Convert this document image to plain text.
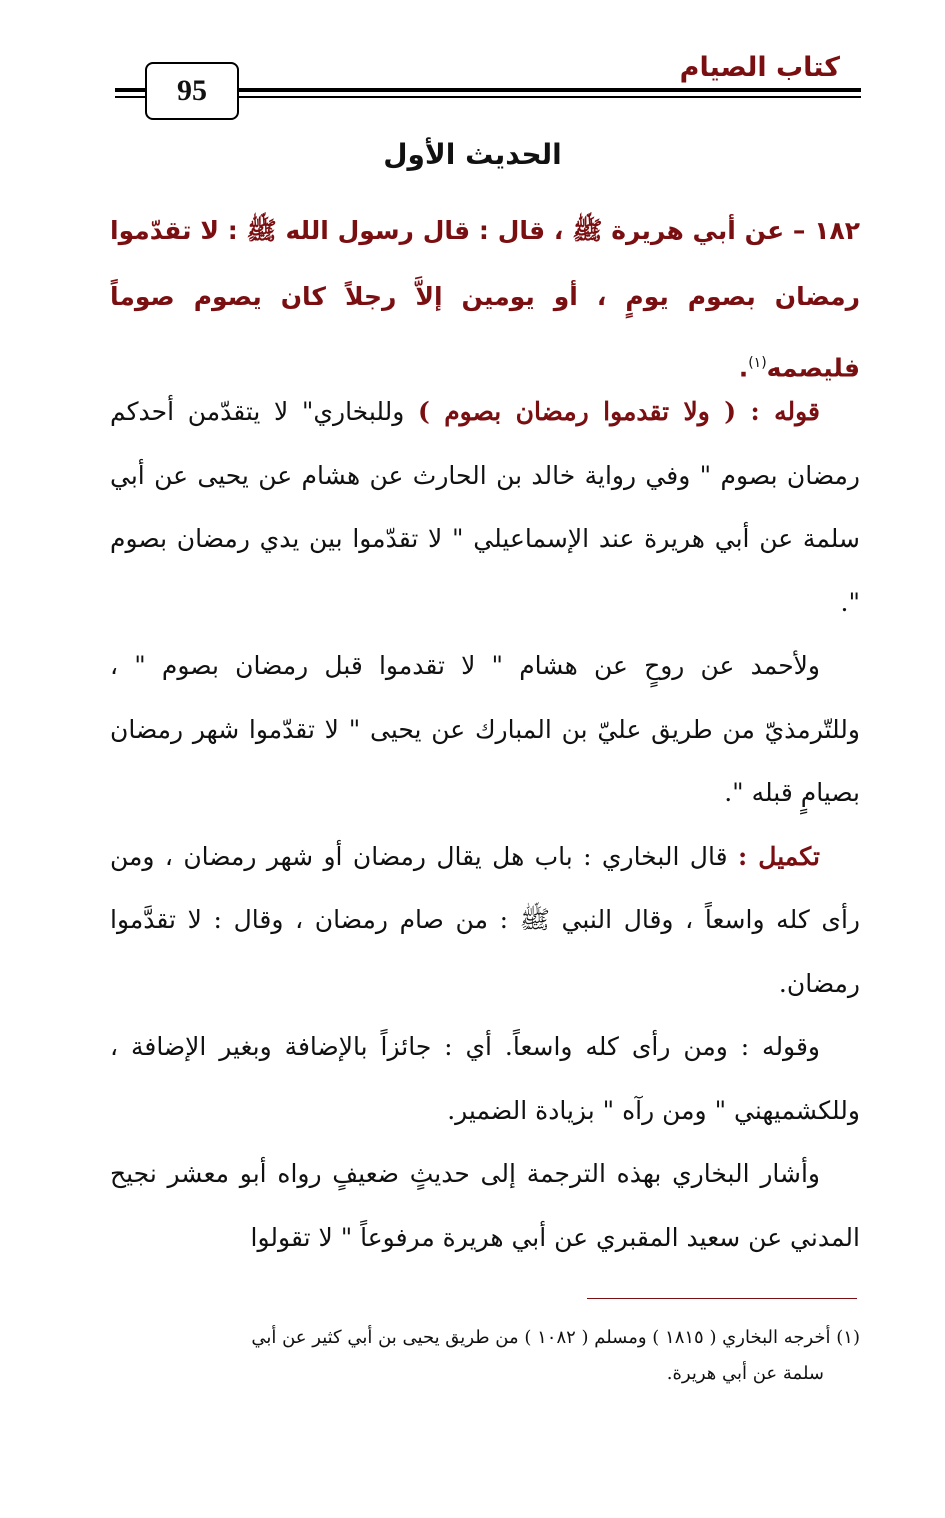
كتاب الصيام
95
الحديث الأول
١٨٢ – عن أبي هريرة ﷺ ، قال : قال رسول الله ﷺ : لا تقدّموا رمضان بصوم يومٍ ، أو يومين إلاَّ رجلاً كان يصوم صوماً فليصمه$^{(١)}$.

قوله : ( ولا تقدموا رمضان بصوم ) وللبخاري" لا يتقدّمن أحدكم رمضان بصوم " وفي رواية خالد بن الحارث عن هشام عن يحيى عن أبي سلمة عن أبي هريرة عند الإسماعيلي " لا تقدّموا بين يدي رمضان بصوم ".

ولأحمد عن روحٍ عن هشام " لا تقدموا قبل رمضان بصوم " ، وللتّرمذيّ من طريق عليّ بن المبارك عن يحيى " لا تقدّموا شهر رمضان بصيامٍ قبله ".

تكميل : قال البخاري : باب هل يقال رمضان أو شهر رمضان ، ومن رأى كله واسعاً ، وقال النبي ﷺ : من صام رمضان ، وقال : لا تقدَّموا رمضان.

وقوله : ومن رأى كله واسعاً. أي : جائزاً بالإضافة وبغير الإضافة ، وللكشميهني " ومن رآه " بزيادة الضمير.

وأشار البخاري بهذه الترجمة إلى حديثٍ ضعيفٍ رواه أبو معشر نجيح المدني عن سعيد المقبري عن أبي هريرة مرفوعاً " لا تقولوا

(١) أخرجه البخاري ( ١٨١٥ ) ومسلم ( ١٠٨٢ ) من طريق يحيى بن أبي كثير عن أبي

سلمة عن أبي هريرة.
